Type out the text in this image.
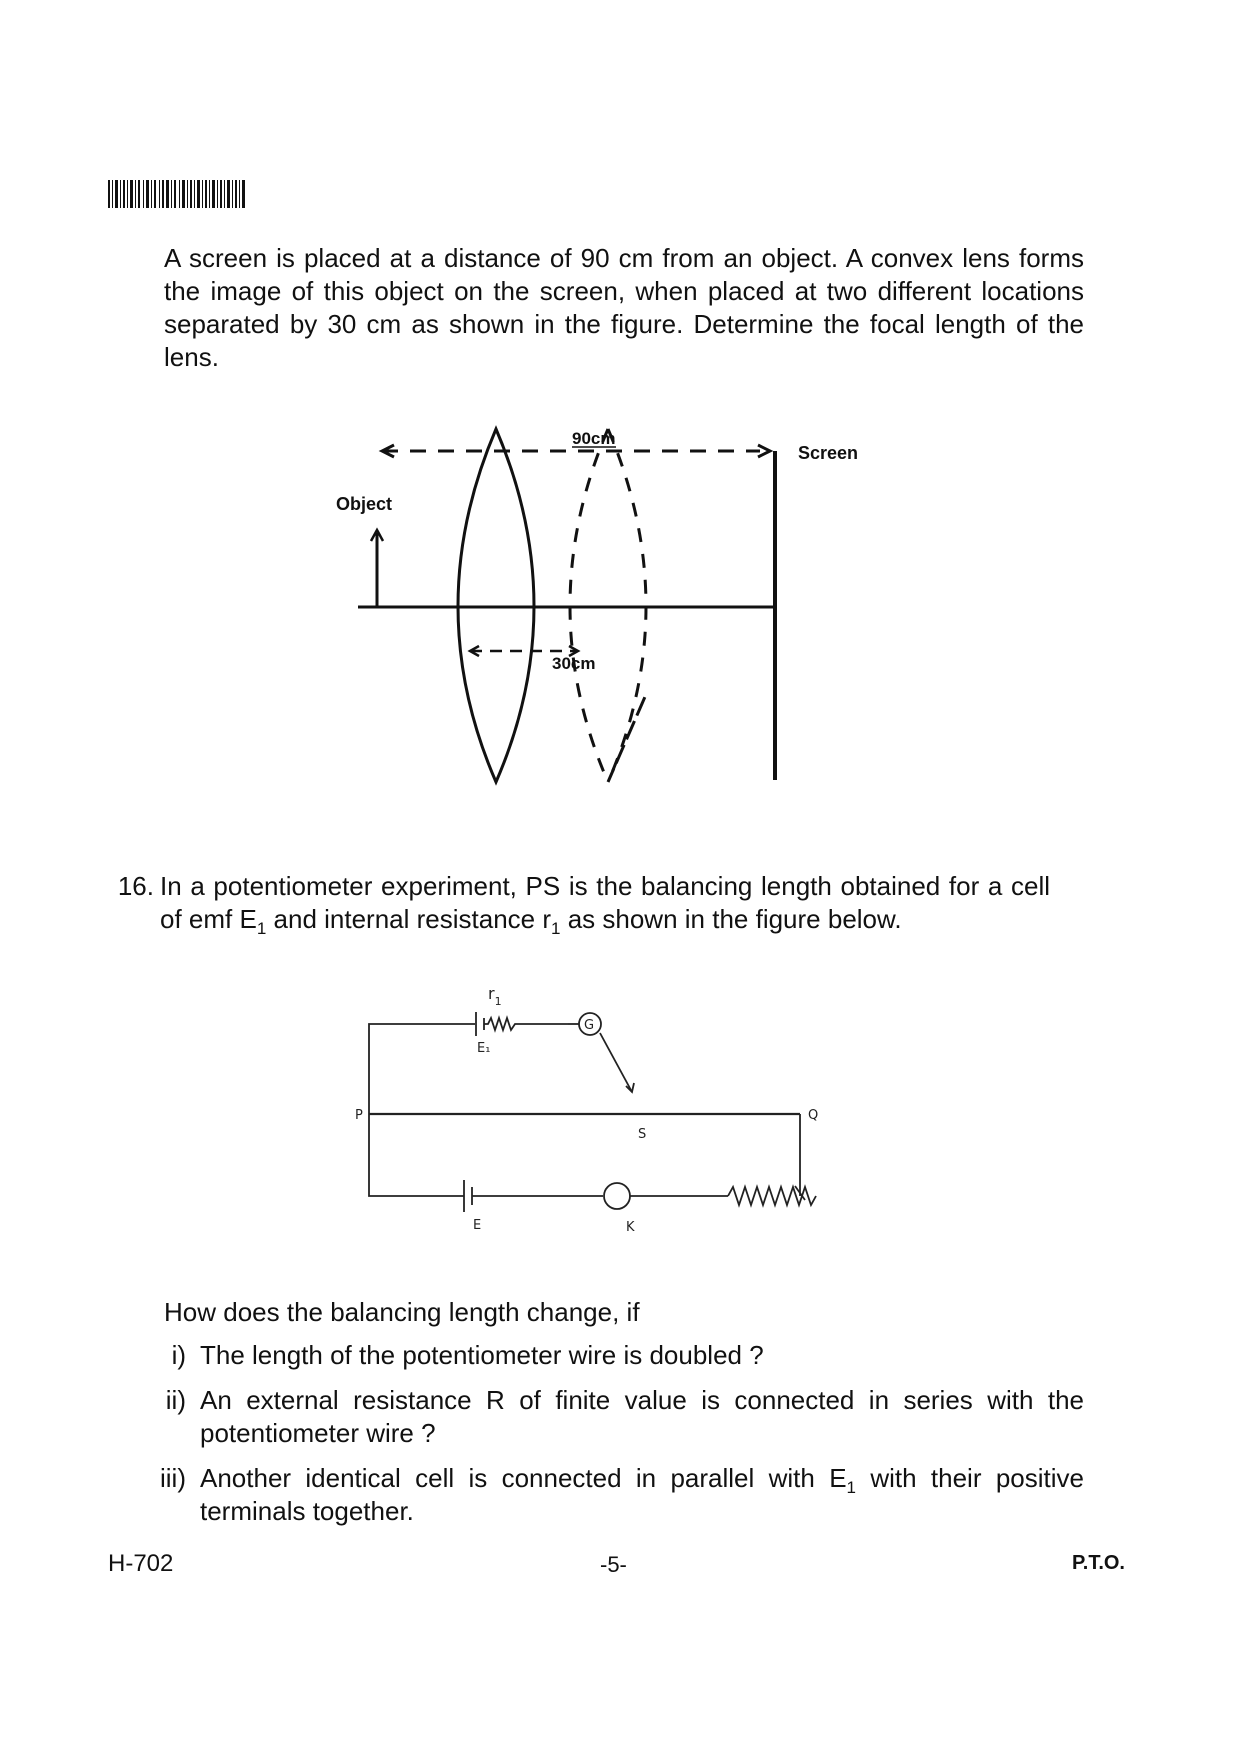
A screen is placed at a distance of 90 cm from an object. A convex lens forms the image of this object on the screen, when placed at two different locations separated by 30 cm as shown in the figure. Determine the focal length of the lens.
90cm
Screen
Object
30cm
16. In a potentiometer experiment, PS is the balancing length obtained for a cell of emf $E_1$ and internal resistance $r_1$ as shown in the figure below.
$r_1$
E₁
G
P	Q
S
E	K
How does the balancing length change, if
i) The length of the potentiometer wire is doubled ?
ii) An external resistance R of finite value is connected in series with the potentiometer wire ?
iii) Another identical cell is connected in parallel with $E_1$ with their positive terminals together.
H-702	-5-	P.T.O.
